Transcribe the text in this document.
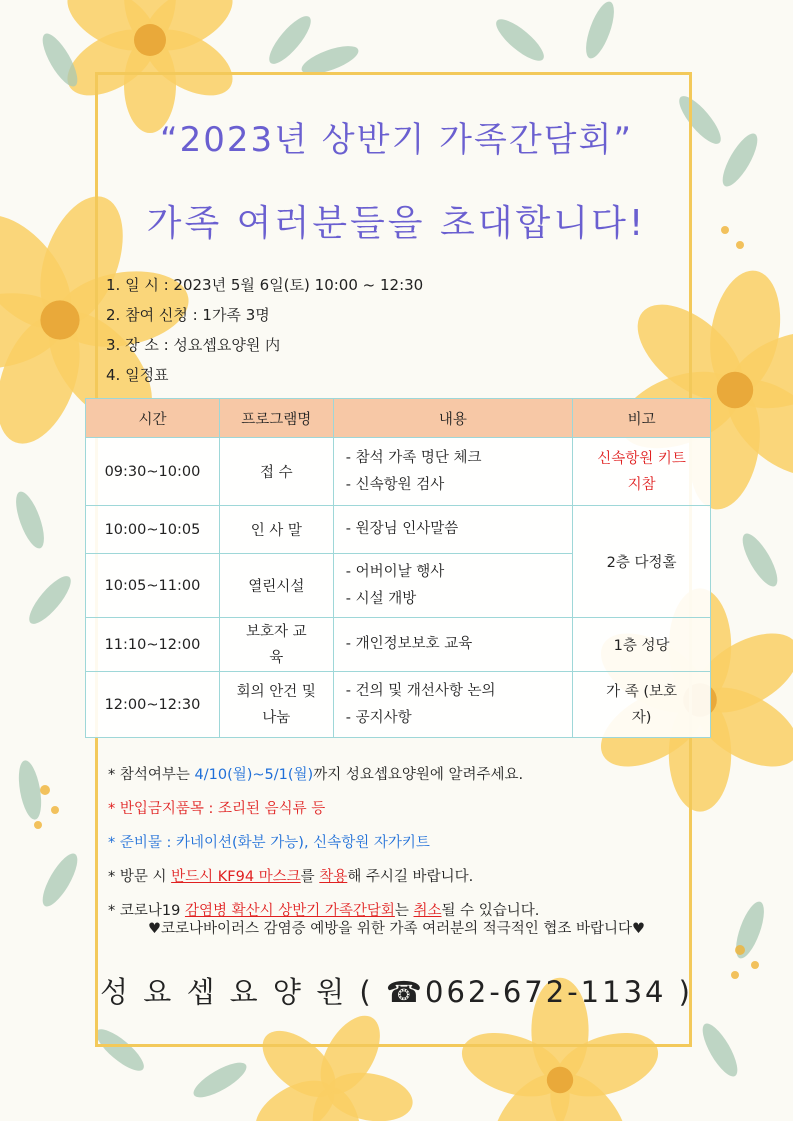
“2023년 상반기 가족간담회”
가족 여러분들을 초대합니다!
1. 일 시 : 2023년 5월 6일(토) 10:00 ~ 12:30
2. 참여 신청 : 1가족 3명
3. 장 소 : 성요셉요양원 内
4. 일정표
시간	프로그램명	내용	비고
09:30~10:00	접 수	- 참석 가족 명단 체크
- 신속항원 검사	신속항원 키트 지참
10:00~10:05	인 사 말	- 원장님 인사말씀	2층 다정홀
10:05~11:00	열린시설	- 어버이날 행사
- 시설 개방	

11:10~12:00	보호자 교육	- 개인정보보호 교육	1층 성당
12:00~12:30	회의 안건 및 나눔	- 건의 및 개선사항 논의
- 공지사항	가 족 (보호자)
* 참석여부는 4/10(월)~5/1(월)까지 성요셉요양원에 알려주세요.
* 반입금지품목 : 조리된 음식류 등
* 준비물 : 카네이션(화분 가능), 신속항원 자가키트
* 방문 시 반드시 KF94 마스크를 착용해 주시길 바랍니다.
* 코로나19 감염병 확산시 상반기 가족간담회는 취소될 수 있습니다.
♥코로나바이러스 감염증 예방을 위한 가족 여러분의 적극적인 협조 바랍니다♥
성 요 셉 요 양 원 ( ☎062-672-1134 )
